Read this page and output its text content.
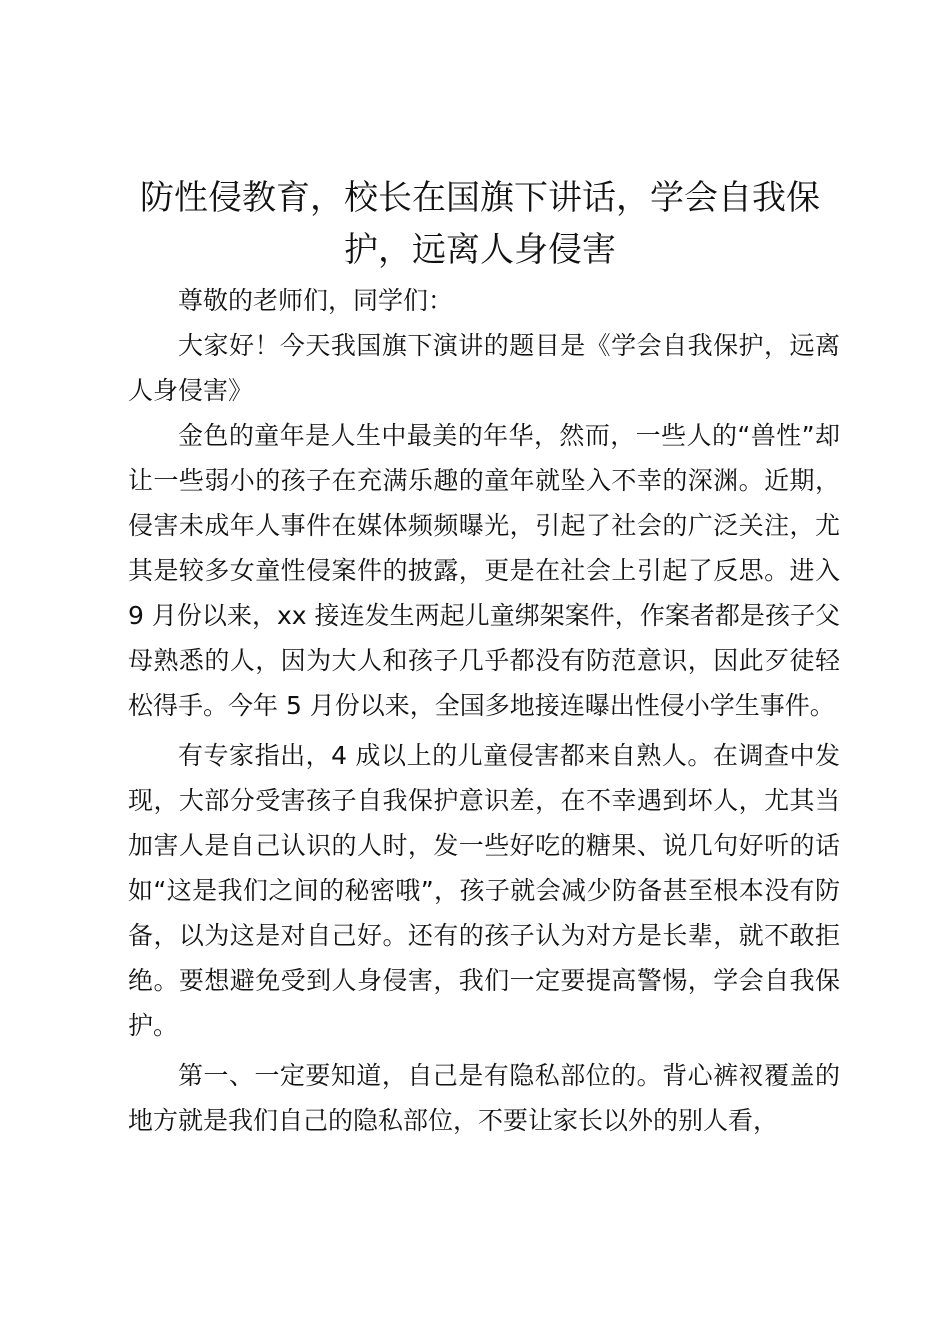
防性侵教育，校长在国旗下讲话，学会自我保护，远离人身侵害

尊敬的老师们，同学们：

大家好！今天我国旗下演讲的题目是《学会自我保护，远离人身侵害》

金色的童年是人生中最美的年华，然而，一些人的“兽性”却让一些弱小的孩子在充满乐趣的童年就坠入不幸的深渊。近期，侵害未成年人事件在媒体频频曝光，引起了社会的广泛关注，尤其是较多女童性侵案件的披露，更是在社会上引起了反思。进入 9 月份以来，xx 接连发生两起儿童绑架案件，作案者都是孩子父母熟悉的人，因为大人和孩子几乎都没有防范意识，因此歹徒轻松得手。今年 5 月份以来，全国多地接连曝出性侵小学生事件。

有专家指出，4 成以上的儿童侵害都来自熟人。在调查中发现，大部分受害孩子自我保护意识差，在不幸遇到坏人，尤其当加害人是自己认识的人时，发一些好吃的糖果、说几句好听的话如“这是我们之间的秘密哦”，孩子就会减少防备甚至根本没有防备，以为这是对自己好。还有的孩子认为对方是长辈，就不敢拒绝。要想避免受到人身侵害，我们一定要提高警惕，学会自我保护。

第一、一定要知道，自己是有隐私部位的。背心裤衩覆盖的地方就是我们自己的隐私部位，不要让家长以外的别人看，
